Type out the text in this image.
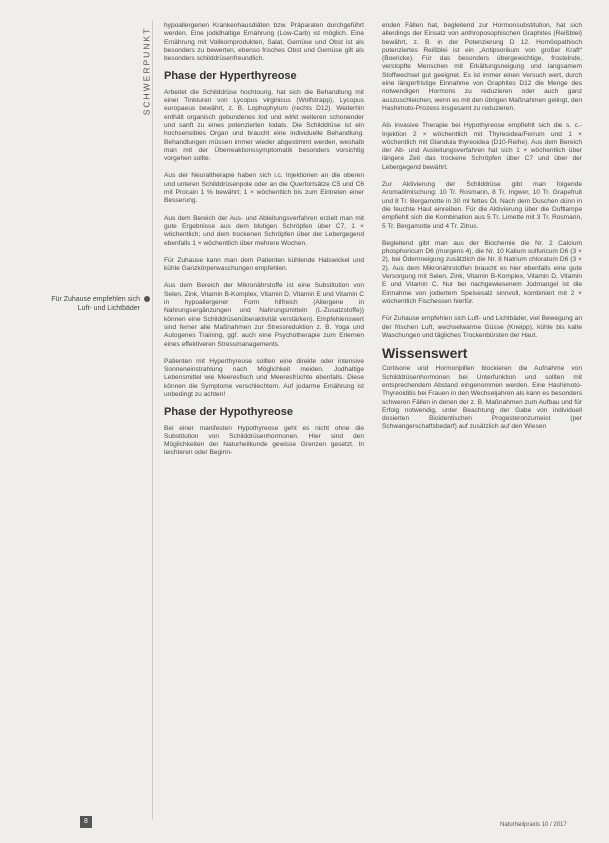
SCHWERPUNKT
Für Zuhause empfehlen sich Luft- und Lichtbäder

hypoallergenen Krankenhausdiäten bzw. Präparaten durchgeführt werden. Eine jodidhaltige Ernährung (Low-Carb) ist möglich. Eine Ernährung mit Vollkornprodukten, Salat, Gemüse und Obst ist als besonders zu bewerten, ebenso frisches Obst und Gemüse gilt als besonders schilddrüsenfreundlich.

Phase der Hyperthyreose

Arbeitet die Schilddrüse hochtourig, hat sich die Behandlung mit einer Tinkturen von Lycopus virginicus (Wolfstrapp), Lycopus europaeus bewährt, z. B. Lophophytum (rechts D12). Weiterhin enthält organisch gebundenes Iod und wirkt weiteren schonender und sanft zu eines potenzierten Iodats. Die Schilddrüse ist ein hochsensibles Organ und braucht eine individuelle Behandlung. Behandlungen müssen immer wieder abgestimmt werden, weshalb man mit der Überreaktionssymptomatik besonders vorsichtig vorgehen sollte.

Aus der Neuraltherapie haben sich i.c. Injektionen an die oberen und unteren Schilddrüsenpole oder an die Querfortsätze C5 und C6 mit Procain 1 % bewährt; 1 × wöchentlich bis zum Eintreten einer Besserung.

Aus dem Bereich der Aus- und Ableitungsverfahren erzielt man mit gute Ergebnisse aus dem blutigen Schröpfen über C7, 1 × wöchentlich; und dem trockenen Schröpfen über der Lebergegend ebenfalls 1 × wöchentlich über mehrere Wochen.

Für Zuhause kann man dem Patienten kühlende Halswickel und kühle Ganzkörperwaschungen empfehlen.

Aus dem Bereich der Mikronährstoffe ist eine Substitution von Selen, Zink, Vitamin B-Komplex, Vitamin D, Vitamin E und Vitamin C in hypoallergener Form hilfreich (Allergene in Nahrungsergänzungen und Nahrungsmitteln (L-Zusatzstoffe)) können eine Schilddrüsenüberaktivität verstärken). Empfehlenswert sind ferner alle Maßnahmen zur Stressreduktion z. B. Yoga und Autogenes Training, ggf. auch eine Psychotherapie zum Erlernen eines effektiveren Stressmanagements.

Patienten mit Hyperthyreose sollten eine direkte oder intensive Sonneneinstrahlung nach Möglichkeit meiden. Jodhaltige Lebensmittel wie Meeresfisch und Meeresfrüchte ebenfalls. Diese können die Symptome verschlechtern. Auf jodarme Ernährung ist unbedingt zu achten!

Phase der Hypothyreose

Bei einer manifesten Hypothyreose geht es nicht ohne die Substitution von Schilddrüsenhormonen. Hier sind den Möglichkeiten der Naturheilkunde gewisse Grenzen gesetzt. In leichteren oder Beginn-

enden Fällen hat, begleitend zur Hormonsubstitution, hat sich allerdings der Einsatz von anthroposophischen Graphites (Reißblei) bewährt, z. B. in der Potenzierung D 12. Homöopathisch potenziertes Reißblei ist ein „Antipsorikum von großer Kraft“ (Boericke). Für das besonders übergewichtige, frostelnde, verstopfte Menschen mit Erkältungsneigung und langsamem Stoffwechsel gut geeignet. Es ist immer einen Versuch wert, durch eine längerfristige Einnahme von Graphites D12 die Menge des notwendigen Hormons zu reduzieren oder auch ganz auszuschleichen, wenn es mit den übrigen Maßnahmen gelingt, den Hashimoto-Prozess insgesamt zu reduzieren.

Als invasive Therapie bei Hypothyreose empfiehlt sich die s. c.-Injektion 2 × wöchentlich mit Thyreoidea/Ferrum und 1 × wöchentlich mit Glandula thyreoidea (D10-Reihe). Aus dem Bereich der Ab- und Ausleitungsverfahren hat sich 1 × wöchentlich über längere Zeit das trockene Schröpfen über C7 und über der Lebergegend bewährt.

Zur Aktivierung der Schilddrüse gibt man folgende Aromaölmischung: 10 Tr. Rosmarin, 8 Tr. Ingwer, 10 Tr. Grapefruit und 8 Tr. Bergamotte in 30 ml fettes Öl. Nach dem Duschen dünn in die feuchte Haut einreiben. Für die Aktivierung über die Duftlampe empfiehlt sich die Kombination aus 5 Tr. Limette mit 3 Tr. Rosmarin, 5 Tr. Bergamotte und 4 Tr. Zitrus.

Begleitend gibt man aus der Biochemie die Nr. 2 Calcium phosphoricum D6 (morgens 4), die Nr. 10 Kalium sulfuricum D6 (3 × 2), bei Ödemneigung zusätzlich die Nr. 8 Natrium chloratum D6 (3 × 2). Aus dem Mikronährstoffen braucht es hier ebenfalls eine gute Versorgung mit Selen, Zink, Vitamin B-Komplex, Vitamin D, Vitamin E und Vitamin C. Nur bei nachgewiesenem Jodmangel ist die Einnahme von jodiertem Speisesalz sinnvoll, kombiniert mit 2 × wöchentlich Fischessen hierfür.

Für Zuhause empfehlen sich Luft- und Lichtbäder, viel Bewegung an der frischen Luft, wechselwarme Güsse (Kneipp), kühle bis kalte Waschungen und tägliches Trockenbürsten der Haut.

Wissenswert

Cortisone und Hormonpillen blockieren die Aufnahme von Schilddrüsenhormonen bei Unterfunktion und sollten mit entsprechendem Abstand eingenommen werden. Eine Hashimoto-Thyreoiditis bei Frauen in den Wechseljahren als kann es besonders schweren Fällen in denen der z. B. Maßnahmen zum Aufbau und für Erfolg notwendig, unter Beachtung der Gabe von individuell dosierten Bioidentischen Progesteronzumeist (per Schwangerschaftsbedarf) auf zusätzlich auf den Wiesen

8	Naturheilpraxis 10 / 2017
